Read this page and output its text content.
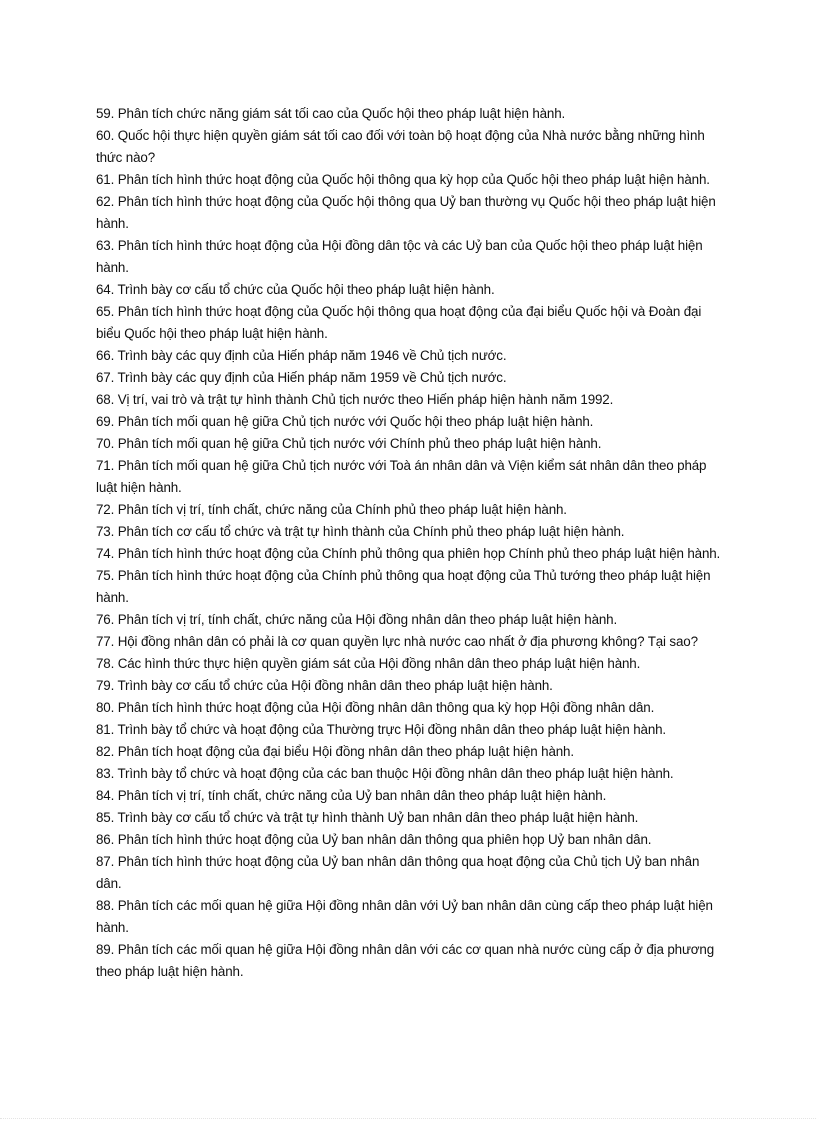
59. Phân tích chức năng giám sát tối cao của Quốc hội theo pháp luật hiện hành.
60. Quốc hội thực hiện quyền giám sát tối cao đối với toàn bộ hoạt động của Nhà nước bằng những hình thức nào?
61. Phân tích hình thức hoạt động của Quốc hội thông qua kỳ họp của Quốc hội theo pháp luật hiện hành.
62. Phân tích hình thức hoạt động của Quốc hội thông qua Uỷ ban thường vụ Quốc hội theo pháp luật hiện hành.
63. Phân tích hình thức hoạt động của Hội đồng dân tộc và các Uỷ ban của Quốc hội theo pháp luật hiện hành.
64. Trình bày cơ cấu tổ chức của Quốc hội theo pháp luật hiện hành.
65. Phân tích hình thức hoạt động của Quốc hội thông qua hoạt động của đại biểu Quốc hội và Đoàn đại biểu Quốc hội theo pháp luật hiện hành.
66. Trình bày các quy định của Hiến pháp năm 1946 về Chủ tịch nước.
67. Trình bày các quy định của Hiến pháp năm 1959 về Chủ tịch nước.
68. Vị trí, vai trò và trật tự hình thành Chủ tịch nước theo Hiến pháp hiện hành năm 1992.
69. Phân tích mối quan hệ giữa Chủ tịch nước với Quốc hội theo pháp luật hiện hành.
70. Phân tích mối quan hệ giữa Chủ tịch nước với Chính phủ theo pháp luật hiện hành.
71. Phân tích mối quan hệ giữa Chủ tịch nước với Toà án nhân dân và Viện kiểm sát nhân dân theo pháp luật hiện hành.
72. Phân tích vị trí, tính chất, chức năng của Chính phủ theo pháp luật hiện hành.
73. Phân tích cơ cấu tổ chức và trật tự hình thành của Chính phủ theo pháp luật hiện hành.
74. Phân tích hình thức hoạt động của Chính phủ thông qua phiên họp Chính phủ theo pháp luật hiện hành.
75. Phân tích hình thức hoạt động của Chính phủ thông qua hoạt động của Thủ tướng theo pháp luật hiện hành.
76. Phân tích vị trí, tính chất, chức năng của Hội đồng nhân dân theo pháp luật hiện hành.
77. Hội đồng nhân dân có phải là cơ quan quyền lực nhà nước cao nhất ở địa phương không? Tại sao?
78. Các hình thức thực hiện quyền giám sát của Hội đồng nhân dân theo pháp luật hiện hành.
79. Trình bày cơ cấu tổ chức của Hội đồng nhân dân theo pháp luật hiện hành.
80. Phân tích hình thức hoạt động của Hội đồng nhân dân thông qua kỳ họp Hội đồng nhân dân.
81. Trình bày tổ chức và hoạt động của Thường trực Hội đồng nhân dân theo pháp luật hiện hành.
82. Phân tích hoạt động của đại biểu Hội đồng nhân dân theo pháp luật hiện hành.
83. Trình bày tổ chức và hoạt động của các ban thuộc Hội đồng nhân dân theo pháp luật hiện hành.
84. Phân tích vị trí, tính chất, chức năng của Uỷ ban nhân dân theo pháp luật hiện hành.
85. Trình bày cơ cấu tổ chức và trật tự hình thành Uỷ ban nhân dân theo pháp luật hiện hành.
86. Phân tích hình thức hoạt động của Uỷ ban nhân dân thông qua phiên họp Uỷ ban nhân dân.
87. Phân tích hình thức hoạt động của Uỷ ban nhân dân thông qua hoạt động của Chủ tịch Uỷ ban nhân dân.
88. Phân tích các mối quan hệ giữa Hội đồng nhân dân với Uỷ ban nhân dân cùng cấp theo pháp luật hiện hành.
89. Phân tích các mối quan hệ giữa Hội đồng nhân dân với các cơ quan nhà nước cùng cấp ở địa phương theo pháp luật hiện hành.
